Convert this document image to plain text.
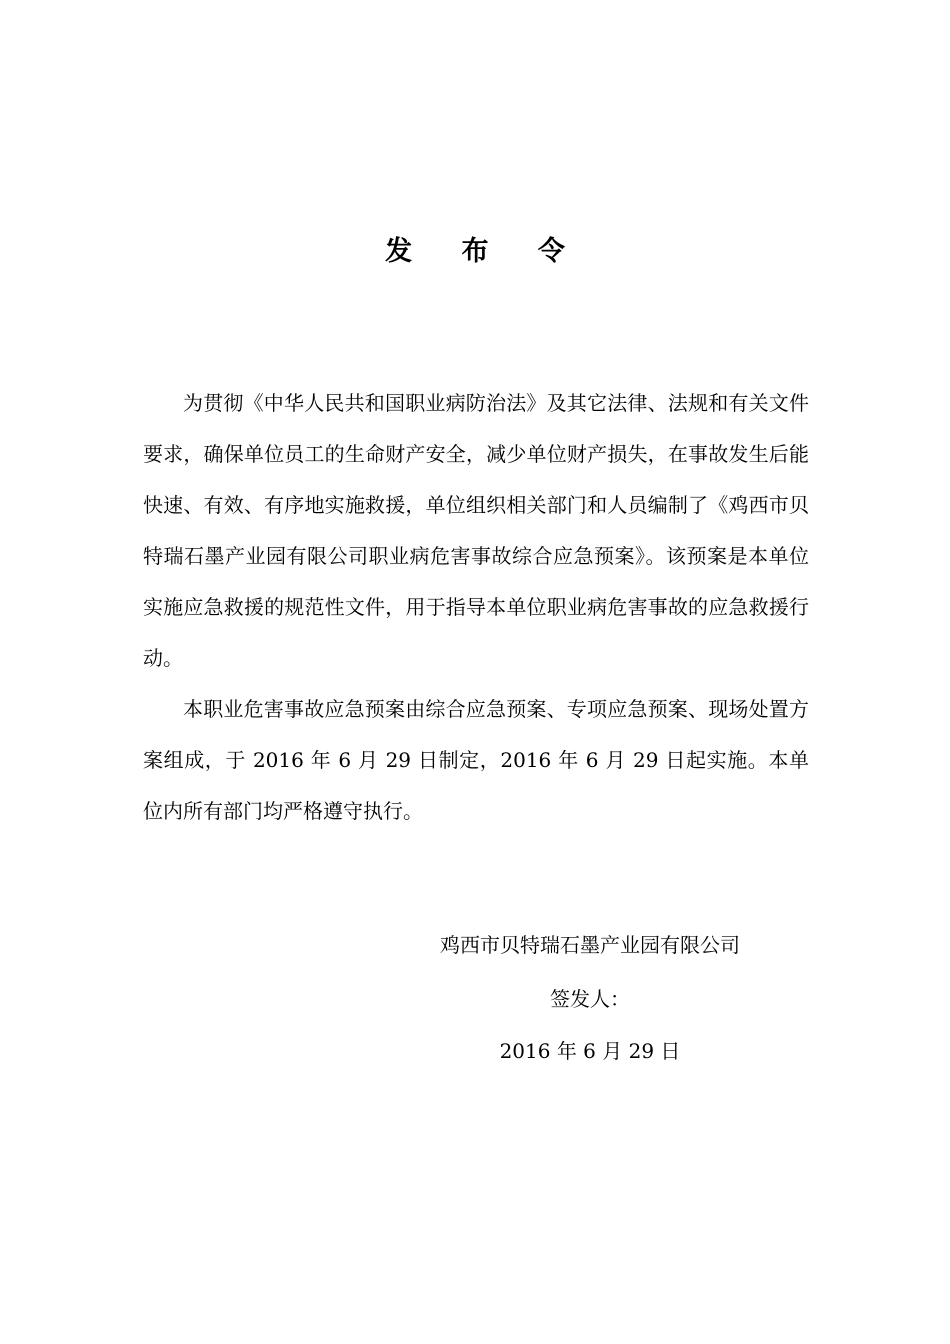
发 布 令

为贯彻《中华人民共和国职业病防治法》及其它法律、法规和有关文件要求，确保单位员工的生命财产安全，减少单位财产损失，在事故发生后能快速、有效、有序地实施救援，单位组织相关部门和人员编制了《鸡西市贝特瑞石墨产业园有限公司职业病危害事故综合应急预案》。该预案是本单位实施应急救援的规范性文件，用于指导本单位职业病危害事故的应急救援行动。

本职业危害事故应急预案由综合应急预案、专项应急预案、现场处置方案组成，于 2016 年 6 月 29 日制定，2016 年 6 月 29 日起实施。本单位内所有部门均严格遵守执行。

鸡西市贝特瑞石墨产业园有限公司
签发人：
2016 年 6 月 29 日
